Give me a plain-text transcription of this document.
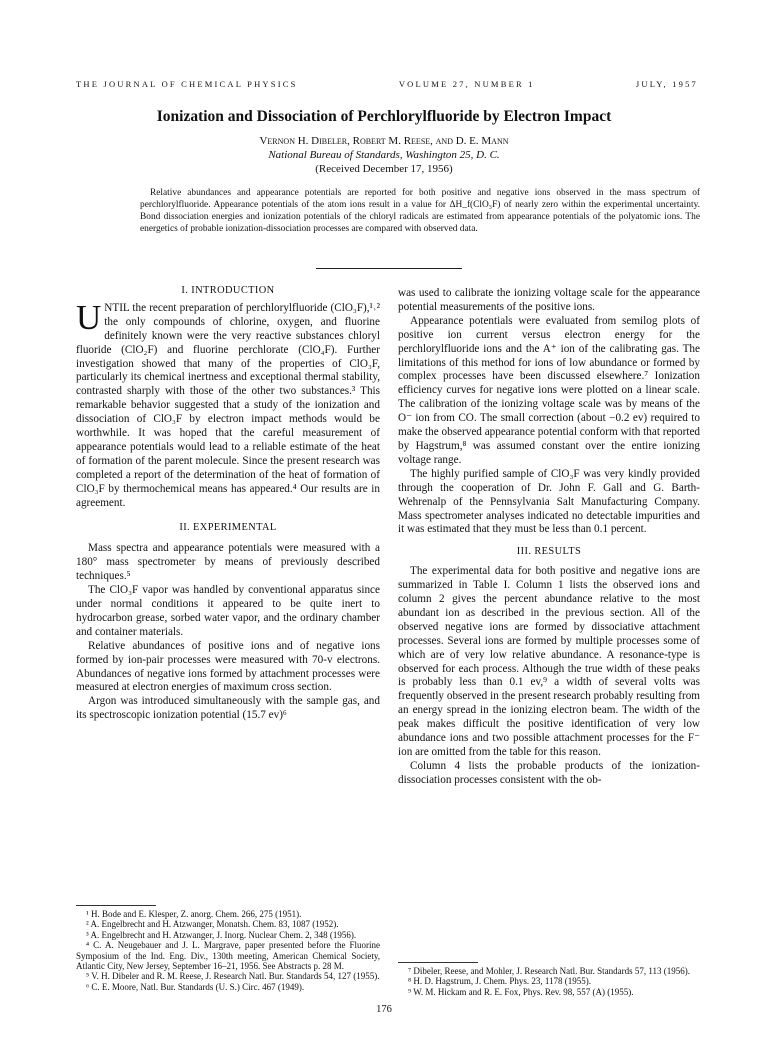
THE JOURNAL OF CHEMICAL PHYSICS	VOLUME 27, NUMBER 1	JULY, 1957
Ionization and Dissociation of Perchlorylfluoride by Electron Impact
Vernon H. Dibeler, Robert M. Reese, and D. E. Mann
National Bureau of Standards, Washington 25, D. C.
(Received December 17, 1956)

Relative abundances and appearance potentials are reported for both positive and negative ions observed in the mass spectrum of perchlorylfluoride. Appearance potentials of the atom ions result in a value for ΔH_f(ClO₃F) of nearly zero within the experimental uncertainty. Bond dissociation energies and ionization potentials of the chloryl radicals are estimated from appearance potentials of the polyatomic ions. The energetics of probable ionization-dissociation processes are compared with observed data.

I. INTRODUCTION

UNTIL the recent preparation of perchlorylfluoride (ClO₃F),¹˒² the only compounds of chlorine, oxygen, and fluorine definitely known were the very reactive substances chloryl fluoride (ClO₂F) and fluorine perchlorate (ClO₄F). Further investigation showed that many of the properties of ClO₃F, particularly its chemical inertness and exceptional thermal stability, contrasted sharply with those of the other two substances.³ This remarkable behavior suggested that a study of the ionization and dissociation of ClO₃F by electron impact methods would be worthwhile. It was hoped that the careful measurement of appearance potentials would lead to a reliable estimate of the heat of formation of the parent molecule. Since the present research was completed a report of the determination of the heat of formation of ClO₃F by thermochemical means has appeared.⁴ Our results are in agreement.

II. EXPERIMENTAL

Mass spectra and appearance potentials were measured with a 180° mass spectrometer by means of previously described techniques.⁵

The ClO₃F vapor was handled by conventional apparatus since under normal conditions it appeared to be quite inert to hydrocarbon grease, sorbed water vapor, and the ordinary chamber and container materials.

Relative abundances of positive ions and of negative ions formed by ion-pair processes were measured with 70-v electrons. Abundances of negative ions formed by attachment processes were measured at electron energies of maximum cross section.

Argon was introduced simultaneously with the sample gas, and its spectroscopic ionization potential (15.7 ev)⁶

¹ H. Bode and E. Klesper, Z. anorg. Chem. 266, 275 (1951).

² A. Engelbrecht and H. Atzwanger, Monatsh. Chem. 83, 1087 (1952).

³ A. Engelbrecht and H. Atzwanger, J. Inorg. Nuclear Chem. 2, 348 (1956).

⁴ C. A. Neugebauer and J. L. Margrave, paper presented before the Fluorine Symposium of the Ind. Eng. Div., 130th meeting, American Chemical Society, Atlantic City, New Jersey, September 16–21, 1956. See Abstracts p. 28 M.

⁵ V. H. Dibeler and R. M. Reese, J. Research Natl. Bur. Standards 54, 127 (1955).

⁶ C. E. Moore, Natl. Bur. Standards (U. S.) Circ. 467 (1949).

was used to calibrate the ionizing voltage scale for the appearance potential measurements of the positive ions.

Appearance potentials were evaluated from semilog plots of positive ion current versus electron energy for the perchlorylfluoride ions and the A⁺ ion of the calibrating gas. The limitations of this method for ions of low abundance or formed by complex processes have been discussed elsewhere.⁷ Ionization efficiency curves for negative ions were plotted on a linear scale. The calibration of the ionizing voltage scale was by means of the O⁻ ion from CO. The small correction (about −0.2 ev) required to make the observed appearance potential conform with that reported by Hagstrum,⁸ was assumed constant over the entire ionizing voltage range.

The highly purified sample of ClO₃F was very kindly provided through the cooperation of Dr. John F. Gall and G. Barth-Wehrenalp of the Pennsylvania Salt Manufacturing Company. Mass spectrometer analyses indicated no detectable impurities and it was estimated that they must be less than 0.1 percent.

III. RESULTS

The experimental data for both positive and negative ions are summarized in Table I. Column 1 lists the observed ions and column 2 gives the percent abundance relative to the most abundant ion as described in the previous section. All of the observed negative ions are formed by dissociative attachment processes. Several ions are formed by multiple processes some of which are of very low relative abundance. A resonance-type is observed for each process. Although the true width of these peaks is probably less than 0.1 ev,⁹ a width of several volts was frequently observed in the present research probably resulting from an energy spread in the ionizing electron beam. The width of the peak makes difficult the positive identification of very low abundance ions and two possible attachment processes for the F⁻ ion are omitted from the table for this reason.

Column 4 lists the probable products of the ionization-dissociation processes consistent with the ob-

⁷ Dibeler, Reese, and Mohler, J. Research Natl. Bur. Standards 57, 113 (1956).

⁸ H. D. Hagstrum, J. Chem. Phys. 23, 1178 (1955).

⁹ W. M. Hickam and R. E. Fox, Phys. Rev. 98, 557 (A) (1955).

176
